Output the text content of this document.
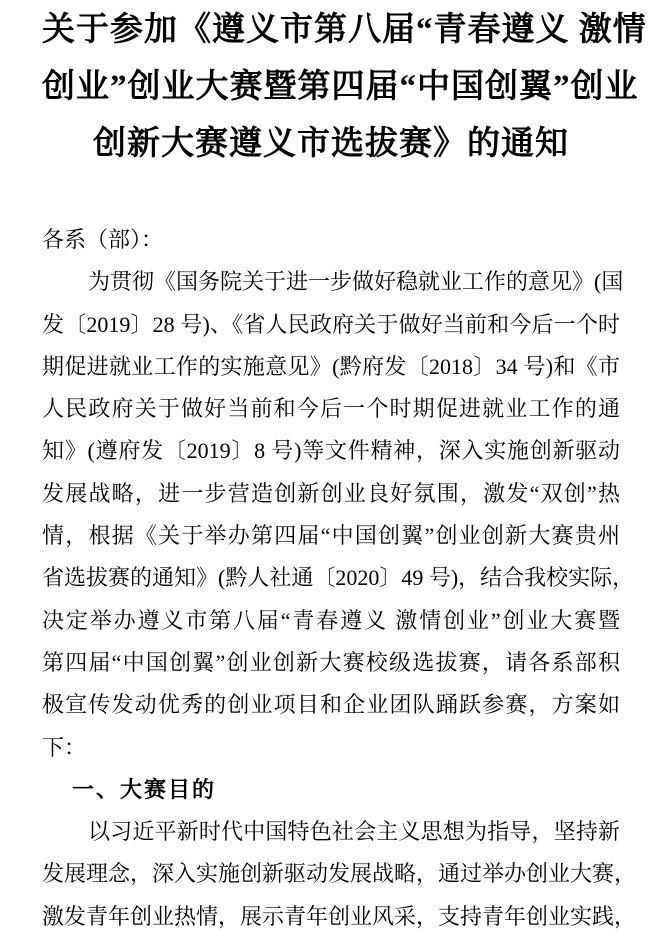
关于参加《遵义市第八届“青春遵义 激情
创业”创业大赛暨第四届“中国创翼”创业
创新大赛遵义市选拔赛》的通知
各系（部）：
为贯彻《国务院关于进一步做好稳就业工作的意见》(国
发〔2019〕28 号)、《省人民政府关于做好当前和今后一个时
期促进就业工作的实施意见》(黔府发〔2018〕34 号)和《市
人民政府关于做好当前和今后一个时期促进就业工作的通
知》(遵府发〔2019〕8 号)等文件精神，深入实施创新驱动
发展战略，进一步营造创新创业良好氛围，激发“双创”热
情，根据《关于举办第四届“中国创翼”创业创新大赛贵州
省选拔赛的通知》(黔人社通〔2020〕49 号)，结合我校实际，
决定举办遵义市第八届“青春遵义 激情创业”创业大赛暨
第四届“中国创翼”创业创新大赛校级选拔赛，请各系部积
极宣传发动优秀的创业项目和企业团队踊跃参赛，方案如
下：
一、大赛目的
以习近平新时代中国特色社会主义思想为指导，坚持新
发展理念，深入实施创新驱动发展战略，通过举办创业大赛，
激发青年创业热情，展示青年创业风采，支持青年创业实践，
